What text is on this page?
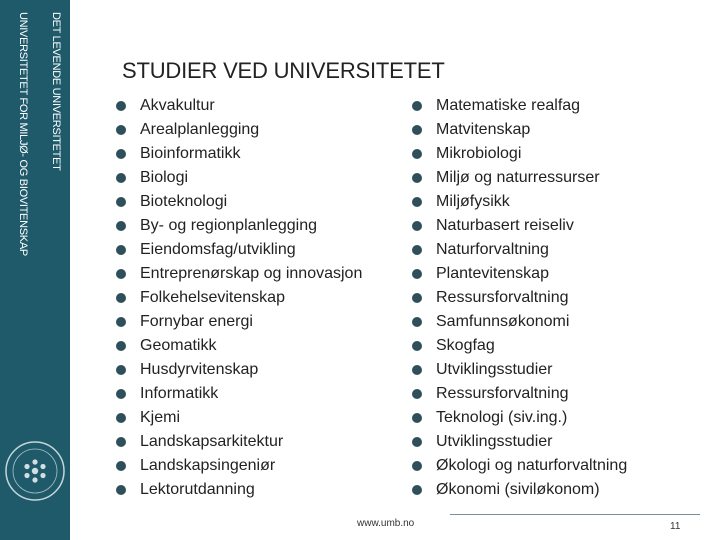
DET LEVENDE UNIVERSITETET
UNIVERSITETET FOR MILJØ- OG BIOVITENSKAP	STUDIER VED UNIVERSITETET
Akvakultur
Arealplanlegging
Bioinformatikk
Biologi
Bioteknologi
By- og regionplanlegging
Eiendomsfag/utvikling
Entreprenørskap og innovasjon
Folkehelsevitenskap
Fornybar energi
Geomatikk
Husdyrvitenskap
Informatikk
Kjemi
Landskapsarkitektur
Landskapsingeniør
Lektorutdanning
Matematiske realfag
Matvitenskap
Mikrobiologi
Miljø og naturressurser
Miljøfysikk
Naturbasert reiseliv
Naturforvaltning
Plantevitenskap
Ressursforvaltning
Samfunnsøkonomi
Skogfag
Utviklingsstudier
Ressursforvaltning
Teknologi (siv.ing.)
Utviklingsstudier
Økologi og naturforvaltning
Økonomi (siviløkonom)
www.umb.no	11
